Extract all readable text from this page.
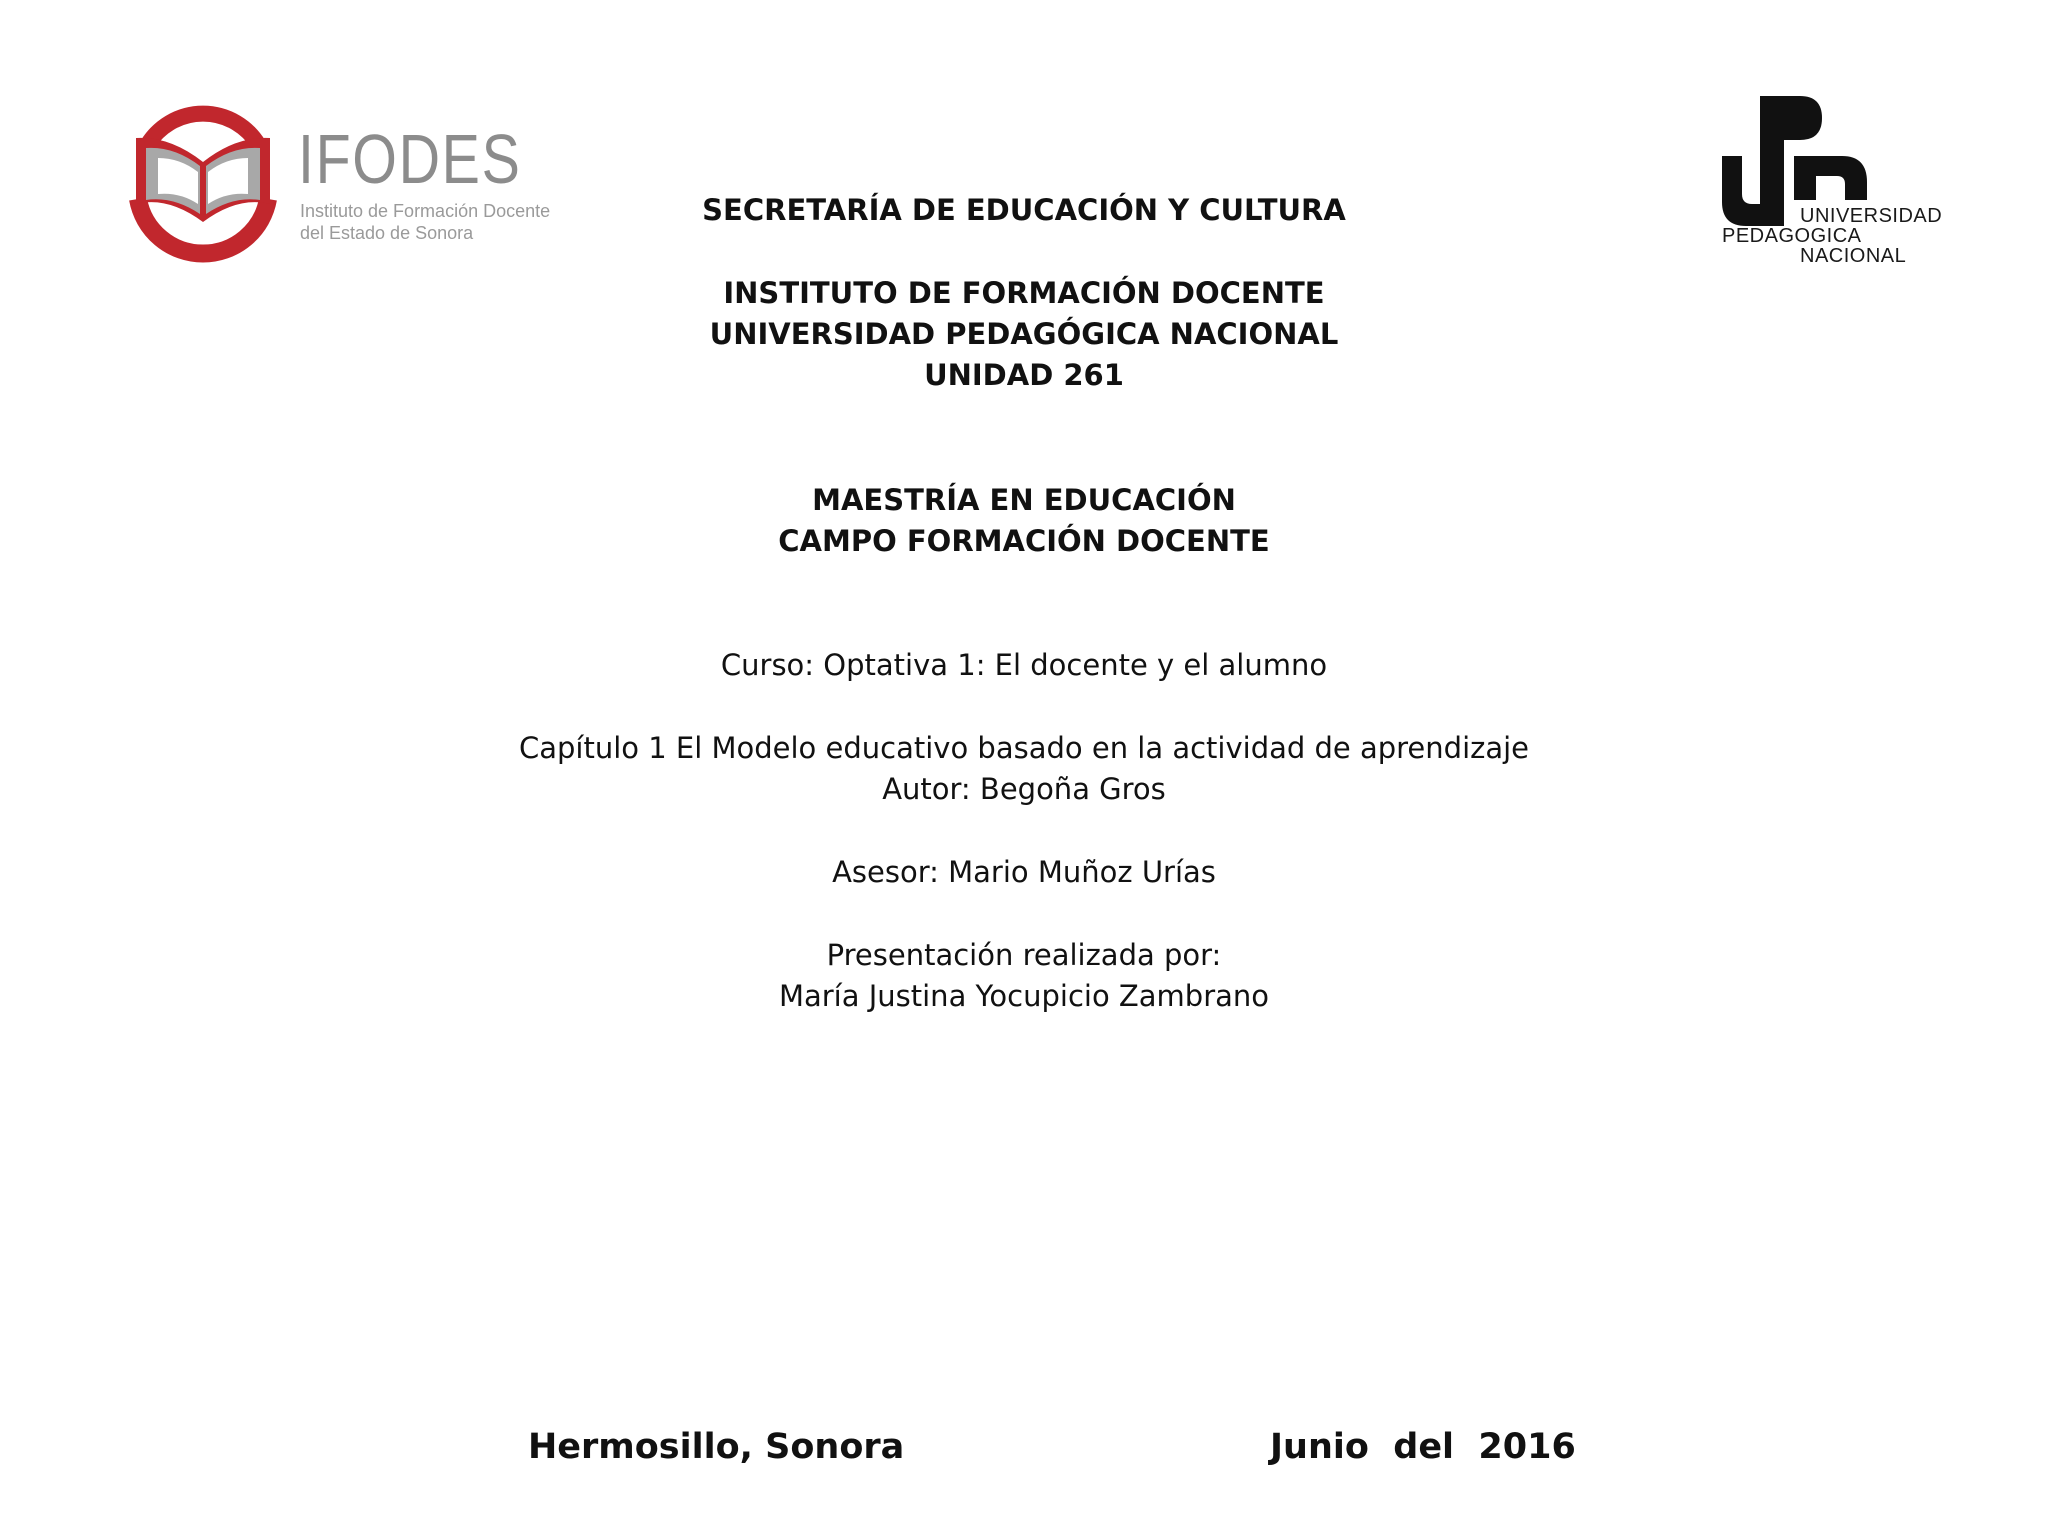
IFODES
Instituto de Formación Docente
del Estado de Sonora
UNIVERSIDAD
PEDAGOGICA
NACIONAL
SECRETARÍA DE EDUCACIÓN Y CULTURA
INSTITUTO DE FORMACIÓN DOCENTE
UNIVERSIDAD PEDAGÓGICA NACIONAL
UNIDAD 261
MAESTRÍA EN EDUCACIÓN
CAMPO FORMACIÓN DOCENTE
Curso: Optativa 1: El docente y el alumno
Capítulo 1 El Modelo educativo basado en la actividad de aprendizaje
Autor: Begoña Gros
Asesor: Mario Muñoz Urías
Presentación realizada por:
María Justina Yocupicio Zambrano
Hermosillo, Sonora	Junio  del  2016
